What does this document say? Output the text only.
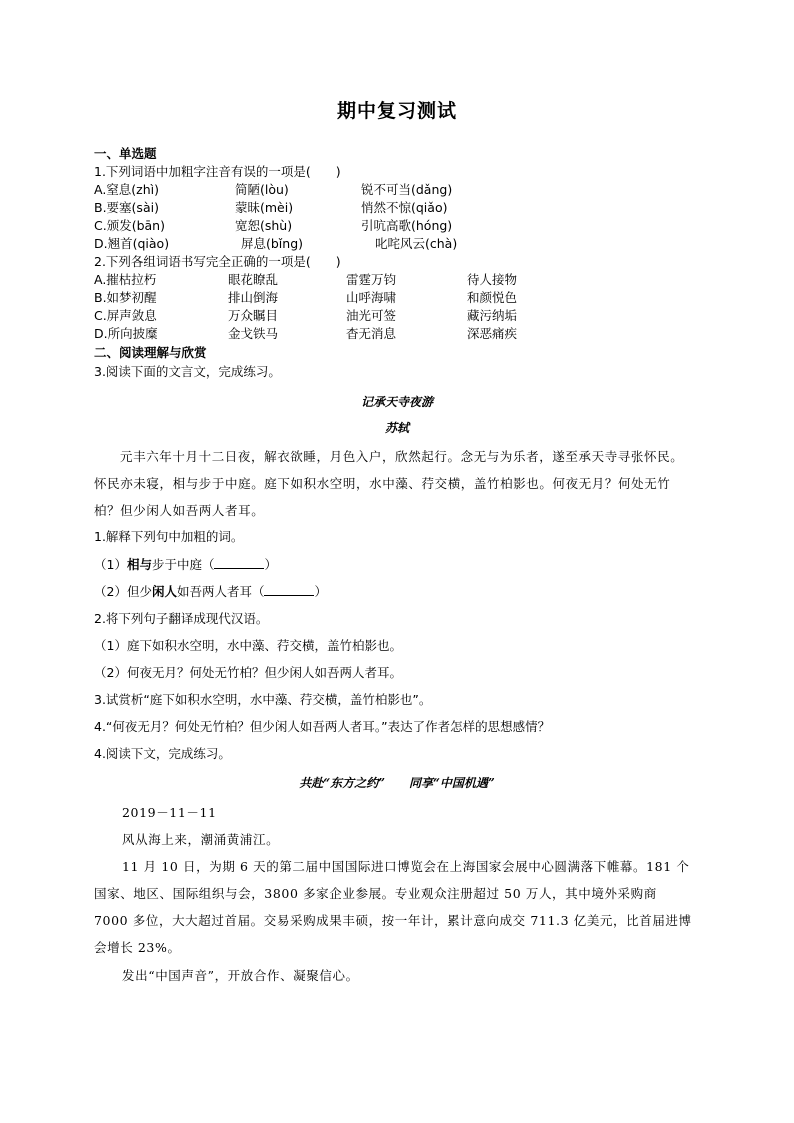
期中复习测试
一、单选题
1.下列词语中加粗字注音有误的一项是(　　)
A.窒息(zhì)	简陋(lòu)	锐不可当(dǎng)
B.要塞(sài)	蒙昧(mèi)	悄然不惊(qiǎo)
C.颁发(bān)	宽恕(shù)	引吭高歌(hóng)
D.翘首(qiào)	屏息(bǐng)	叱咤风云(chà)
2.下列各组词语书写完全正确的一项是(　　)
A.摧枯拉朽	眼花瞭乱	雷霆万钧	待人接物
B.如梦初醒	排山倒海	山呼海啸	和颜悦色
C.屏声敛息	万众瞩目	油光可签	藏污纳垢
D.所向披糜	金戈铁马	杳无消息	深恶痛疾
二、阅读理解与欣赏
3.阅读下面的文言文，完成练习。
记承天寺夜游
苏轼
元丰六年十月十二日夜，解衣欲睡，月色入户，欣然起行。念无与为乐者，遂至承天寺寻张怀民。怀民亦未寝，相与步于中庭。庭下如积水空明，水中藻、荇交横，盖竹柏影也。何夜无月？何处无竹柏？但少闲人如吾两人者耳。
1.解释下列句中加粗的词。
（1）相与步于中庭（	）
（2）但少闲人如吾两人者耳（	）
2.将下列句子翻译成现代汉语。
（1）庭下如积水空明，水中藻、荇交横，盖竹柏影也。
（2）何夜无月？何处无竹柏？但少闲人如吾两人者耳。
3.试赏析“庭下如积水空明，水中藻、荇交横，盖竹柏影也”。
4.“何夜无月？何处无竹柏？但少闲人如吾两人者耳。”表达了作者怎样的思想感情？
4.阅读下文，完成练习。
共赴“东方之约”　　同享“中国机遇”
2019－11－11
风从海上来，潮涌黄浦江。
11 月 10 日，为期 6 天的第二届中国国际进口博览会在上海国家会展中心圆满落下帷幕。181 个国家、地区、国际组织与会，3800 多家企业参展。专业观众注册超过 50 万人，其中境外采购商 7000 多位，大大超过首届。交易采购成果丰硕，按一年计，累计意向成交 711.3 亿美元，比首届进博会增长 23%。
发出“中国声音”，开放合作、凝聚信心。
